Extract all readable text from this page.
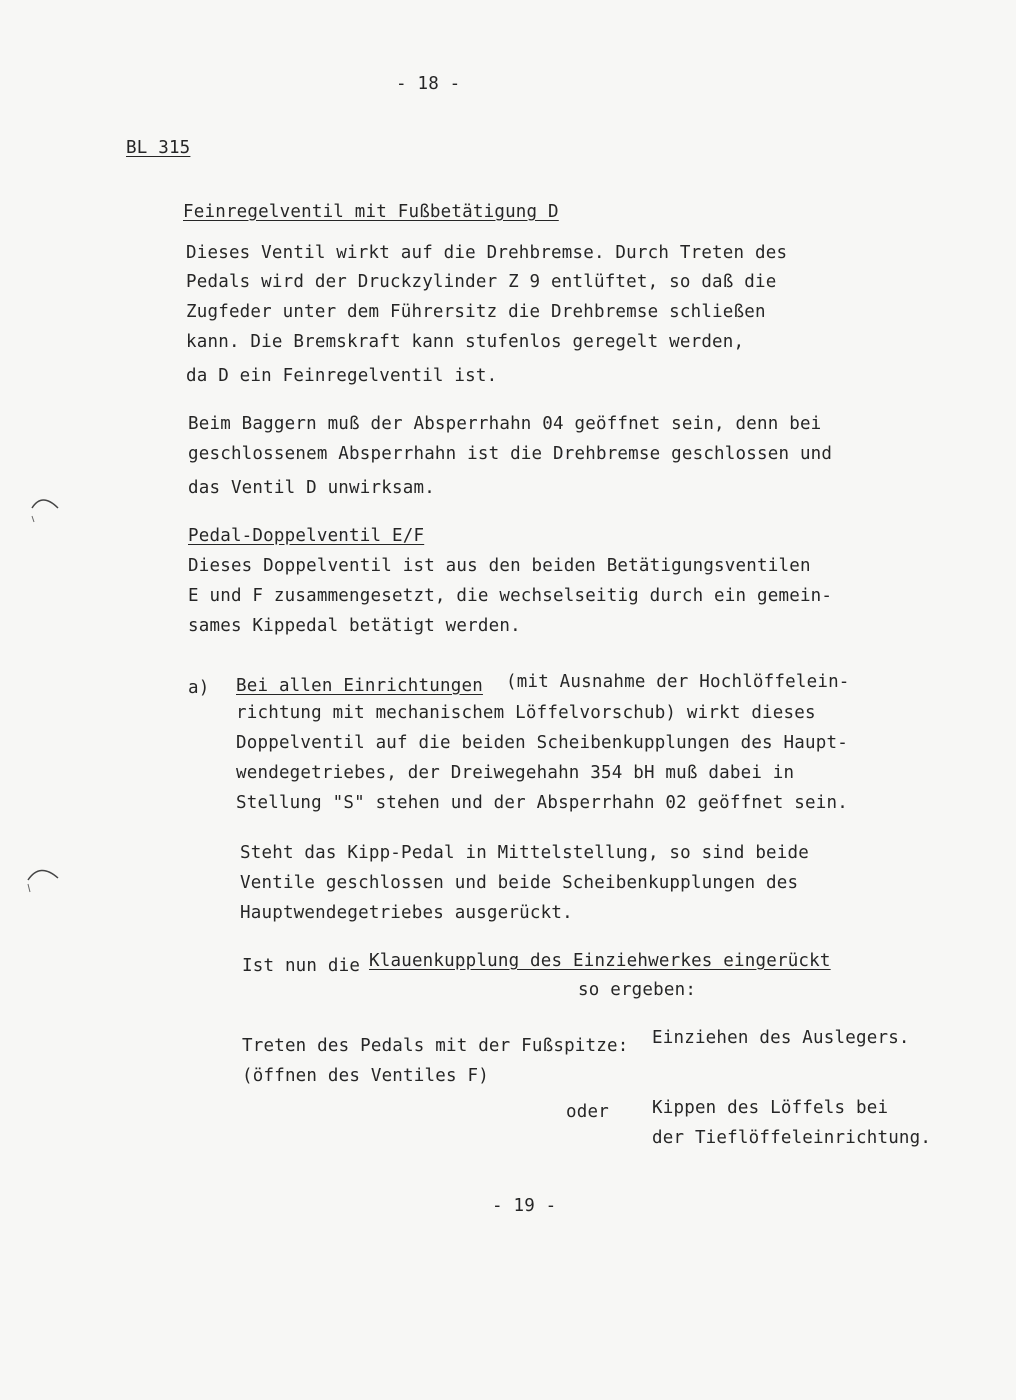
- 18 -
BL 315
Feinregelventil mit Fußbetätigung D
Dieses Ventil wirkt auf die Drehbremse. Durch Treten des
Pedals wird der Druckzylinder Z 9 entlüftet, so daß die
Zugfeder unter dem Führersitz die Drehbremse schließen
kann. Die Bremskraft kann stufenlos geregelt werden,
da D ein Feinregelventil ist.
Beim Baggern muß der Absperrhahn 04 geöffnet sein, denn bei
geschlossenem Absperrhahn ist die Drehbremse geschlossen und
das Ventil D unwirksam.
Pedal-Doppelventil E/F
Dieses Doppelventil ist aus den beiden Betätigungsventilen
E und F zusammengesetzt, die wechselseitig durch ein gemein-
sames Kippedal betätigt werden.
a) Bei allen Einrichtungen (mit Ausnahme der Hochlöffelein-
richtung mit mechanischem Löffelvorschub) wirkt dieses
Doppelventil auf die beiden Scheibenkupplungen des Haupt-
wendegetriebes, der Dreiwegehahn 354 bH muß dabei in
Stellung "S" stehen und der Absperrhahn 02 geöffnet sein.
Steht das Kipp-Pedal in Mittelstellung, so sind beide
Ventile geschlossen und beide Scheibenkupplungen des
Hauptwendegetriebes ausgerückt.
Ist nun die Klauenkupplung des Einziehwerkes eingerückt
so ergeben:
Treten des Pedals mit der Fußspitze:
(öffnen des Ventiles F)
Einziehen des Auslegers.
oder Kippen des Löffels bei
der Tieflöffeleinrichtung.
- 19 -
